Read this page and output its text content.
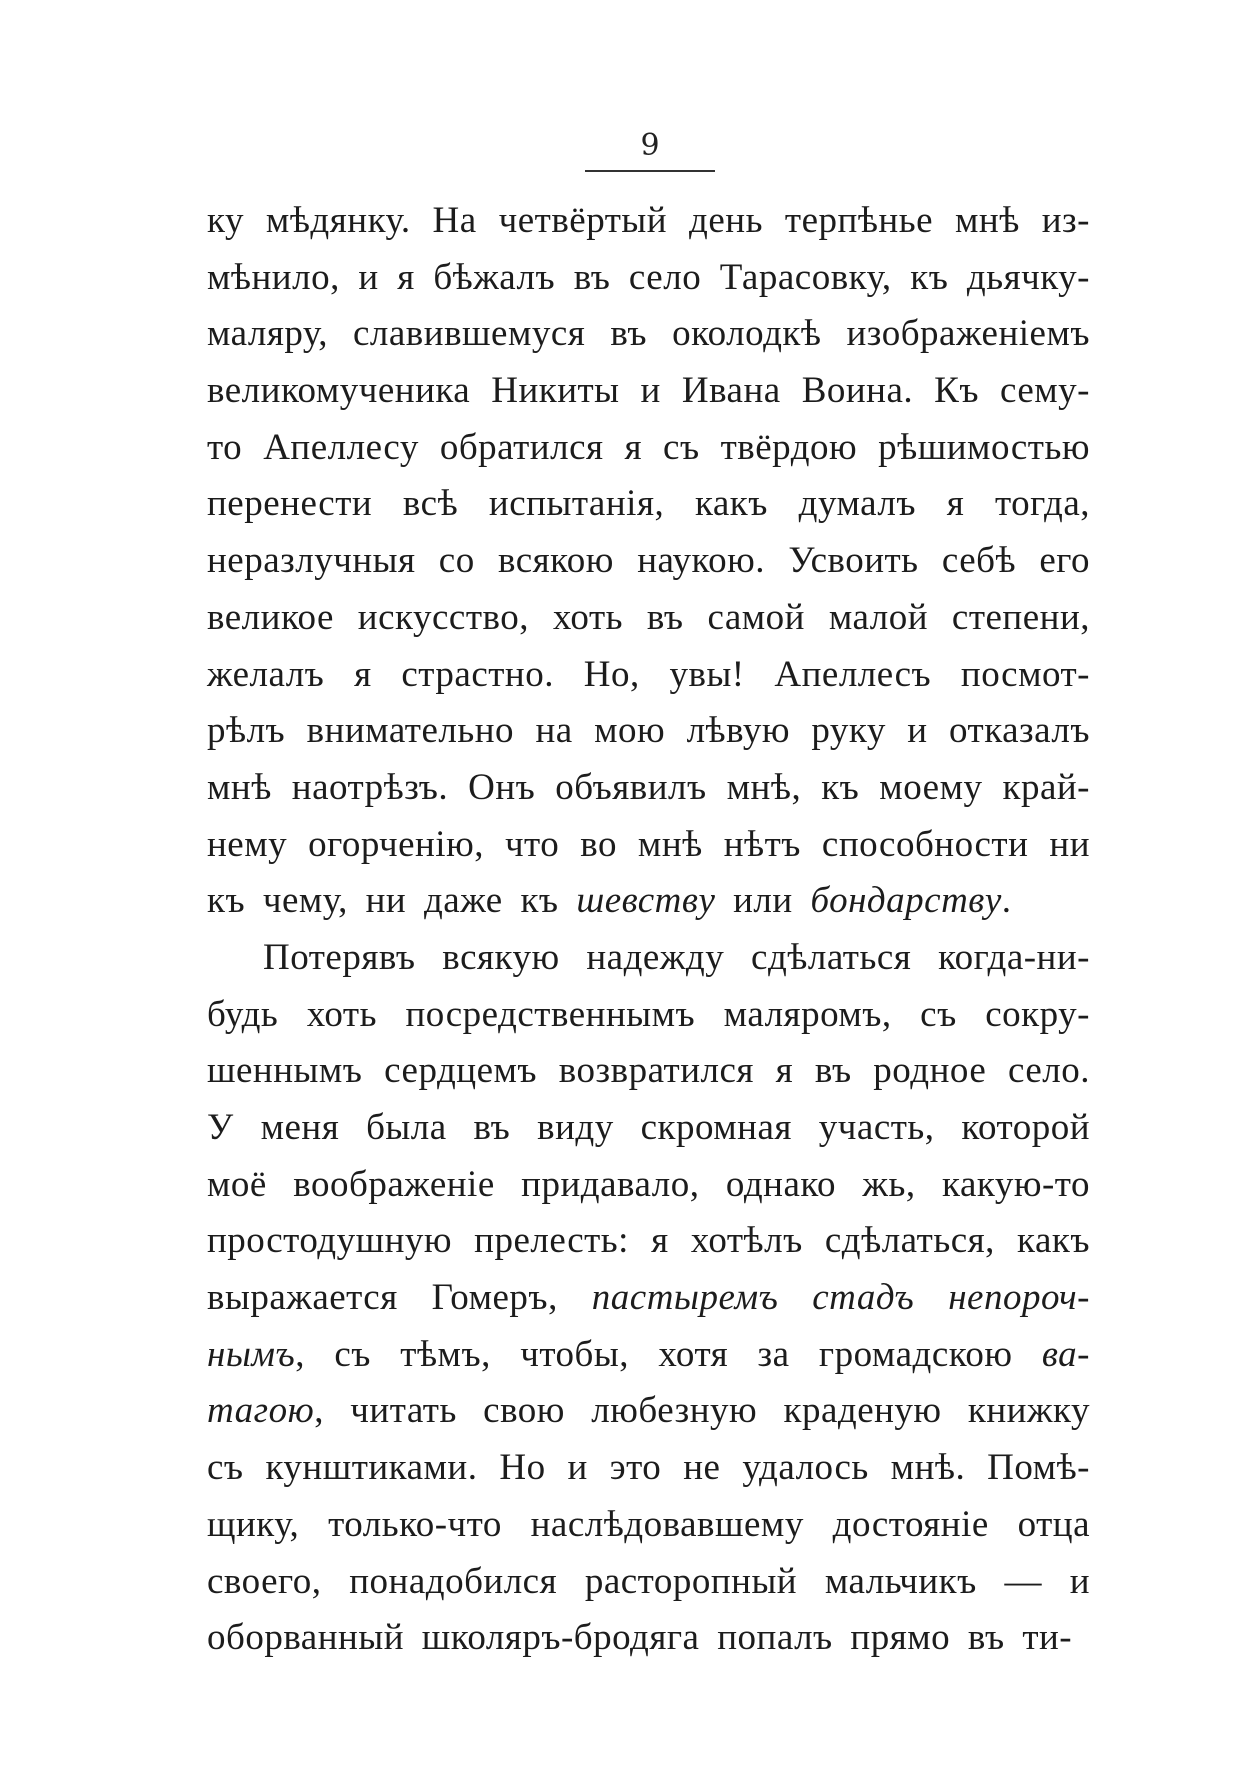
9
ку мѣдянку. На четвёртый день терпѣнье мнѣ из-
мѣнило, и я бѣжалъ въ село Тарасовку, къ дьячку-
маляру, славившемуся въ околодкѣ изображеніемъ
великомученика Никиты и Ивана Воина. Къ сему-
то Апеллесу обратился я съ твёрдою рѣшимостью
перенести всѣ испытанія, какъ думалъ я тогда,
неразлучныя со всякою наукою. Усвоить себѣ его
великое искусство, хоть въ самой малой степени,
желалъ я страстно. Но, увы! Апеллесъ посмот-
рѣлъ внимательно на мою лѣвую руку и отказалъ
мнѣ наотрѣзъ. Онъ объявилъ мнѣ, къ моему край-
нему огорченію, что во мнѣ нѣтъ способности ни
къ чему, ни даже къ шевству или бондарству.
Потерявъ всякую надежду сдѣлаться когда-ни-
будь хоть посредственнымъ маляромъ, съ сокру-
шеннымъ сердцемъ возвратился я въ родное село.
У меня была въ виду скромная участь, которой
моё воображеніе придавало, однако жь, какую-то
простодушную прелесть: я хотѣлъ сдѣлаться, какъ
выражается Гомеръ, пастыремъ стадъ непороч-
нымъ, съ тѣмъ, чтобы, хотя за громадскою ва-
тагою, читать свою любезную краденую книжку
съ кунштиками. Но и это не удалось мнѣ. Помѣ-
щику, только-что наслѣдовавшему достояніе отца
своего, понадобился расторопный мальчикъ — и
оборванный школяръ-бродяга попалъ прямо въ ти-
